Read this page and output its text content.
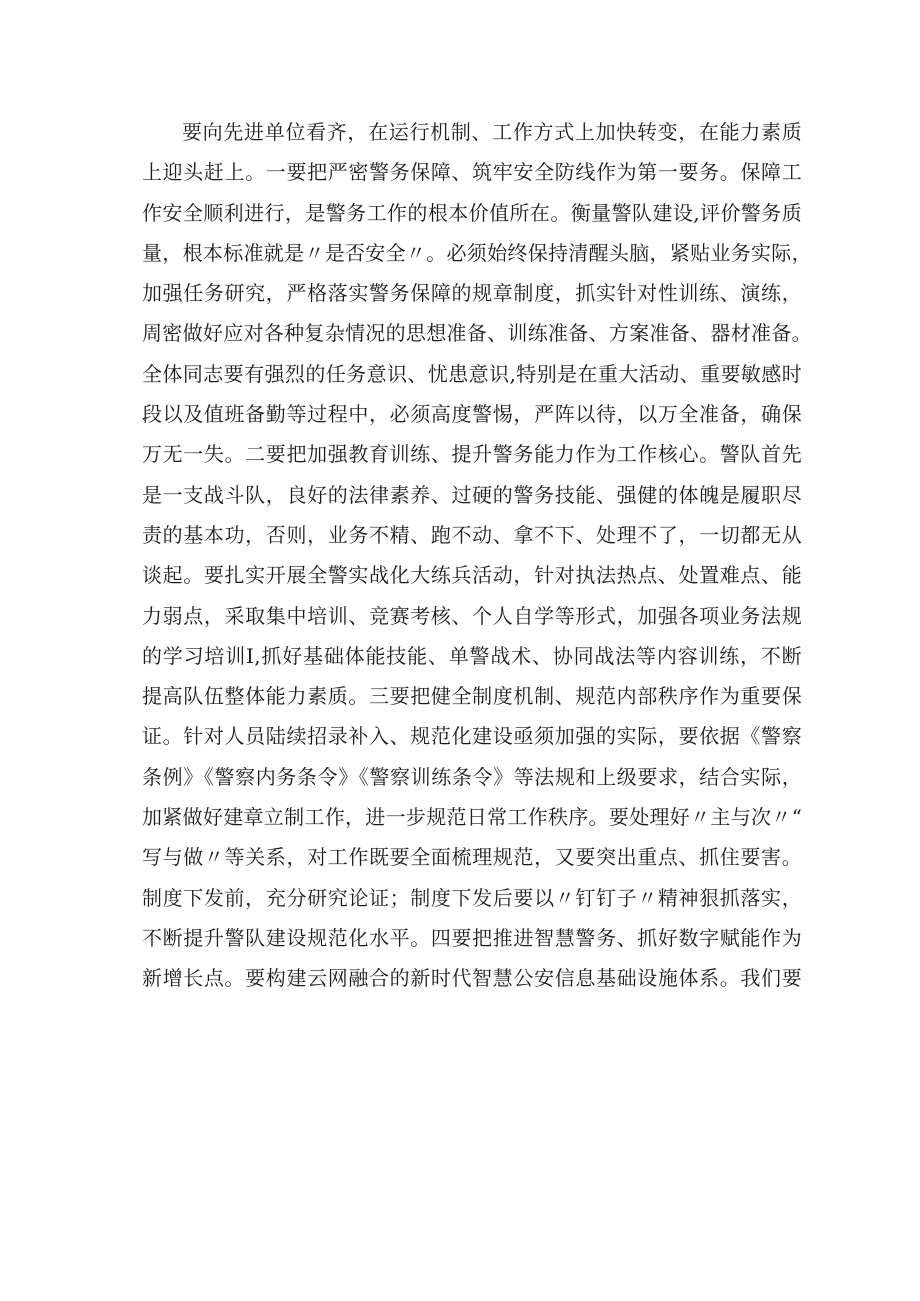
要向先进单位看齐，在运行机制、工作方式上加快转变，在能力素质
上迎头赶上。一要把严密警务保障、筑牢安全防线作为第一要务。保障工
作安全顺利进行，是警务工作的根本价值所在。衡量警队建设,评价警务质
量，根本标准就是〃是否安全〃。必须始终保持清醒头脑，紧贴业务实际，
加强任务研究，严格落实警务保障的规章制度，抓实针对性训练、演练，
周密做好应对各种复杂情况的思想准备、训练准备、方案准备、器材准备。
全体同志要有强烈的任务意识、忧患意识,特别是在重大活动、重要敏感时
段以及值班备勤等过程中，必须高度警惕，严阵以待，以万全准备，确保
万无一失。二要把加强教育训练、提升警务能力作为工作核心。警队首先
是一支战斗队，良好的法律素养、过硬的警务技能、强健的体魄是履职尽
责的基本功，否则，业务不精、跑不动、拿不下、处理不了，一切都无从
谈起。要扎实开展全警实战化大练兵活动，针对执法热点、处置难点、能
力弱点，采取集中培训、竞赛考核、个人自学等形式，加强各项业务法规
的学习培训I,抓好基础体能技能、单警战术、协同战法等内容训练，不断
提高队伍整体能力素质。三要把健全制度机制、规范内部秩序作为重要保
证。针对人员陆续招录补入、规范化建设亟须加强的实际，要依据《警察
条例》《警察内务条令》《警察训练条令》等法规和上级要求，结合实际，
加紧做好建章立制工作，进一步规范日常工作秩序。要处理好〃主与次〃“
写与做〃等关系，对工作既要全面梳理规范，又要突出重点、抓住要害。
制度下发前，充分研究论证；制度下发后要以〃钉钉子〃精神狠抓落实，
不断提升警队建设规范化水平。四要把推进智慧警务、抓好数字赋能作为
新增长点。要构建云网融合的新时代智慧公安信息基础设施体系。我们要
